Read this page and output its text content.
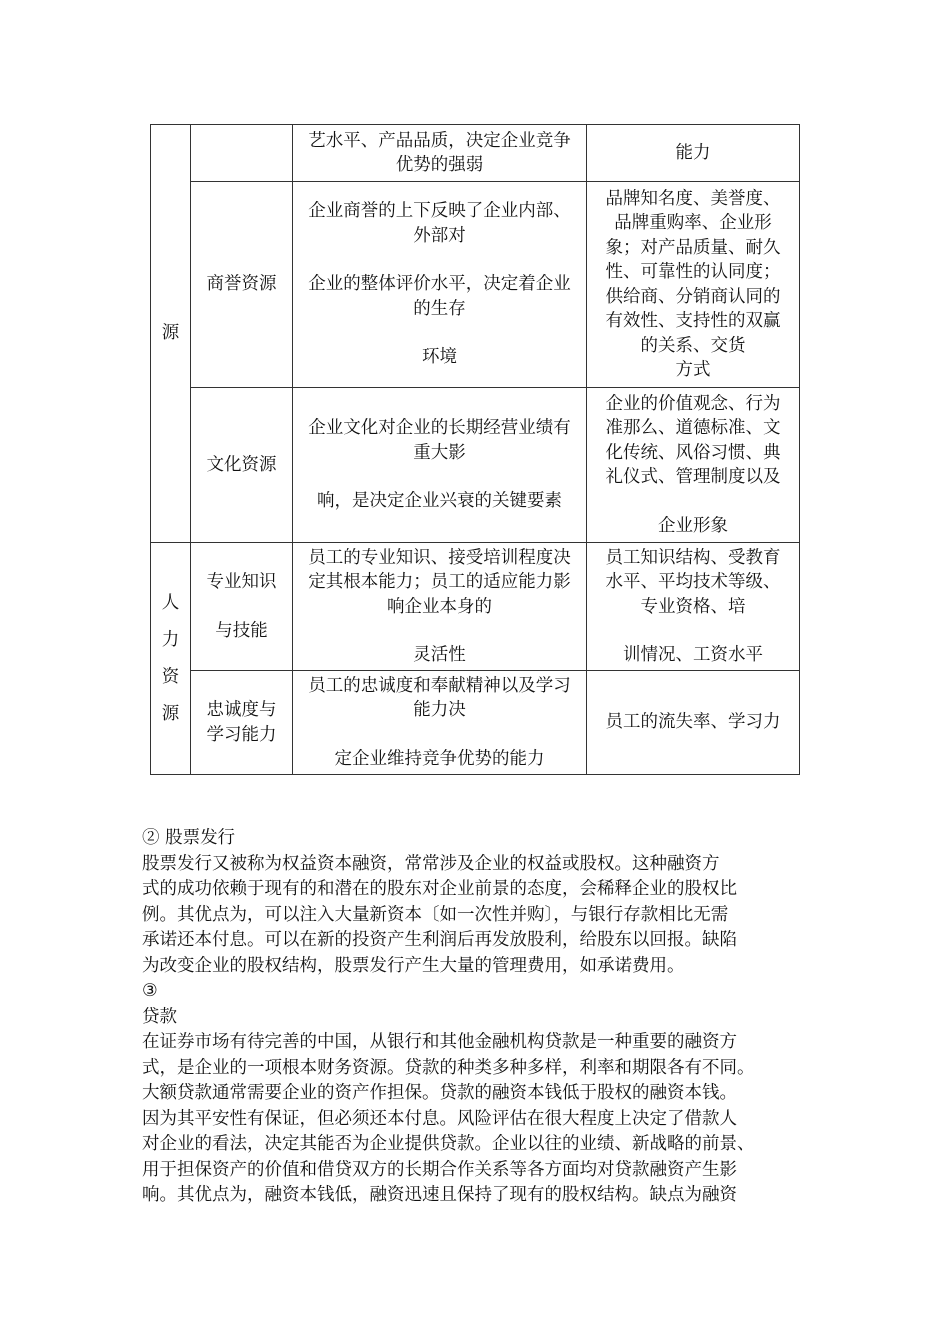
源

人

力

资

源

艺水平、产品品质，决定企业竞争

优势的强弱

能力

商誉资源

企业商誉的上下反映了企业内部、

外部对

企业的整体评价水平，决定着企业

的生存

环境

品牌知名度、美誉度、

品牌重购率、企业形

象；对产品质量、耐久

性、可靠性的认同度；

供给商、分销商认同的

有效性、支持性的双赢

的关系、交货

方式

文化资源

企业文化对企业的长期经营业绩有

重大影

响，是决定企业兴衰的关键要素

企业的价值观念、行为

准那么、道德标准、文

化传统、风俗习惯、典

礼仪式、管理制度以及

企业形象

专业知识

与技能

员工的专业知识、接受培训程度决

定其根本能力；员工的适应能力影

响企业本身的

灵活性

员工知识结构、受教育

水平、平均技术等级、

专业资格、培

训情况、工资水平

忠诚度与

学习能力

员工的忠诚度和奉献精神以及学习

能力决

定企业维持竞争优势的能力

员工的流失率、学习力

② 股票发行

股票发行又被称为权益资本融资，常常涉及企业的权益或股权。这种融资方

式的成功依赖于现有的和潜在的股东对企业前景的态度，会稀释企业的股权比

例。其优点为，可以注入大量新资本〔如一次性并购〕，与银行存款相比无需

承诺还本付息。可以在新的投资产生利润后再发放股利，给股东以回报。缺陷

为改变企业的股权结构，股票发行产生大量的管理费用，如承诺费用。

③

贷款

在证券市场有待完善的中国，从银行和其他金融机构贷款是一种重要的融资方

式，是企业的一项根本财务资源。贷款的种类多种多样，利率和期限各有不同。

大额贷款通常需要企业的资产作担保。贷款的融资本钱低于股权的融资本钱。

因为其平安性有保证，但必须还本付息。风险评估在很大程度上决定了借款人

对企业的看法，决定其能否为企业提供贷款。企业以往的业绩、新战略的前景、

用于担保资产的价值和借贷双方的长期合作关系等各方面均对贷款融资产生影

响。其优点为，融资本钱低，融资迅速且保持了现有的股权结构。缺点为融资
